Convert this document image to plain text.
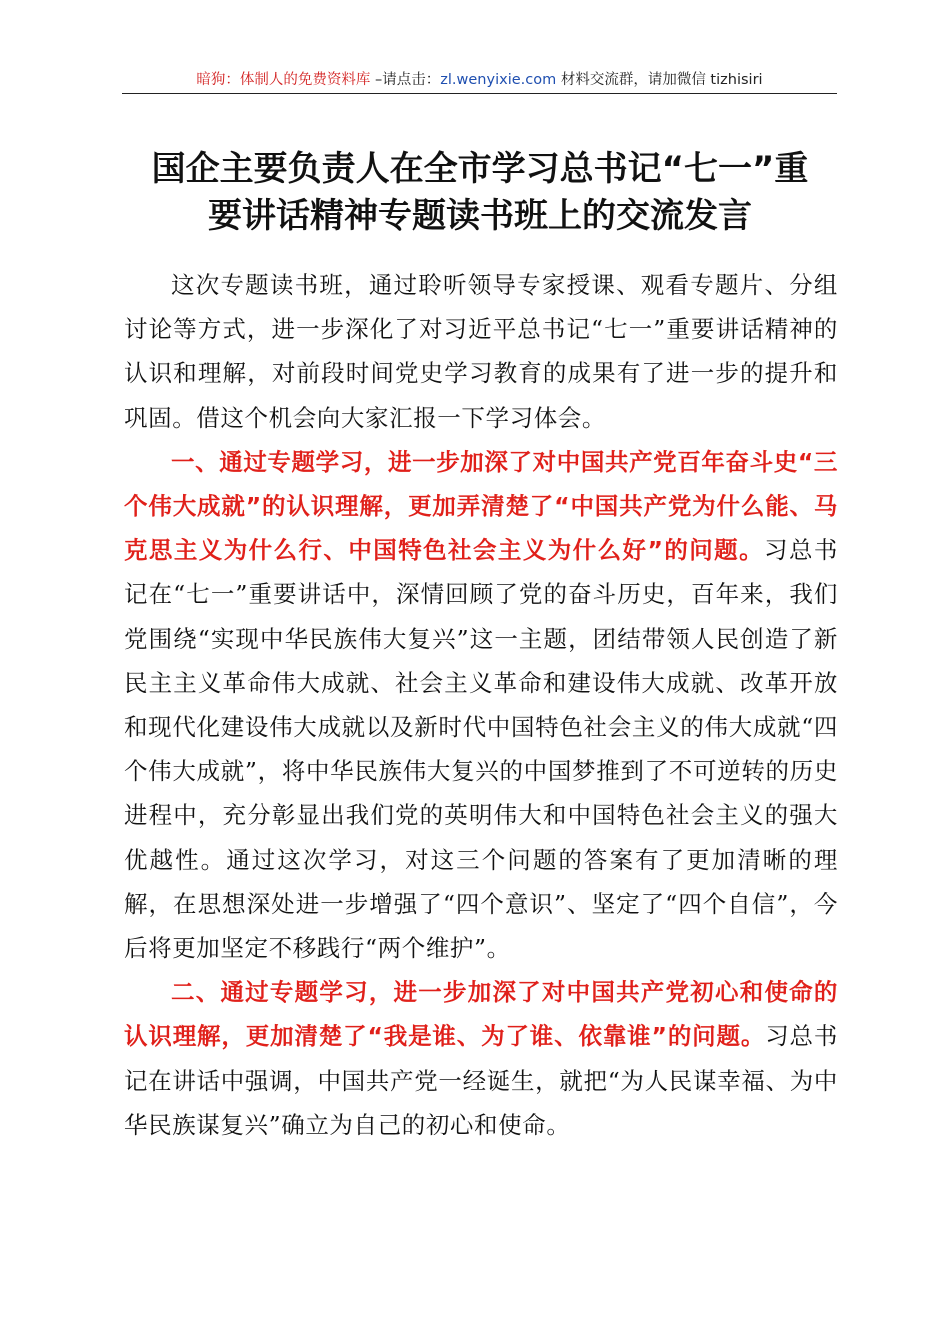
暗狗：体制人的免费资料库 –请点击：zl.wenyixie.com 材料交流群，请加微信 tizhisiri
国企主要负责人在全市学习总书记“七一”重
要讲话精神专题读书班上的交流发言

这次专题读书班，通过聆听领导专家授课、观看专题片、分组讨论等方式，进一步深化了对习近平总书记“七一”重要讲话精神的认识和理解，对前段时间党史学习教育的成果有了进一步的提升和巩固。借这个机会向大家汇报一下学习体会。

一、通过专题学习，进一步加深了对中国共产党百年奋斗史“三个伟大成就”的认识理解，更加弄清楚了“中国共产党为什么能、马克思主义为什么行、中国特色社会主义为什么好”的问题。习总书记在“七一”重要讲话中，深情回顾了党的奋斗历史，百年来，我们党围绕“实现中华民族伟大复兴”这一主题，团结带领人民创造了新民主主义革命伟大成就、社会主义革命和建设伟大成就、改革开放和现代化建设伟大成就以及新时代中国特色社会主义的伟大成就“四个伟大成就”，将中华民族伟大复兴的中国梦推到了不可逆转的历史进程中，充分彰显出我们党的英明伟大和中国特色社会主义的强大优越性。通过这次学习，对这三个问题的答案有了更加清晰的理解，在思想深处进一步增强了“四个意识”、坚定了“四个自信”，今后将更加坚定不移践行“两个维护”。

二、通过专题学习，进一步加深了对中国共产党初心和使命的认识理解，更加清楚了“我是谁、为了谁、依靠谁”的问题。习总书记在讲话中强调，中国共产党一经诞生，就把“为人民谋幸福、为中华民族谋复兴”确立为自己的初心和使命。
